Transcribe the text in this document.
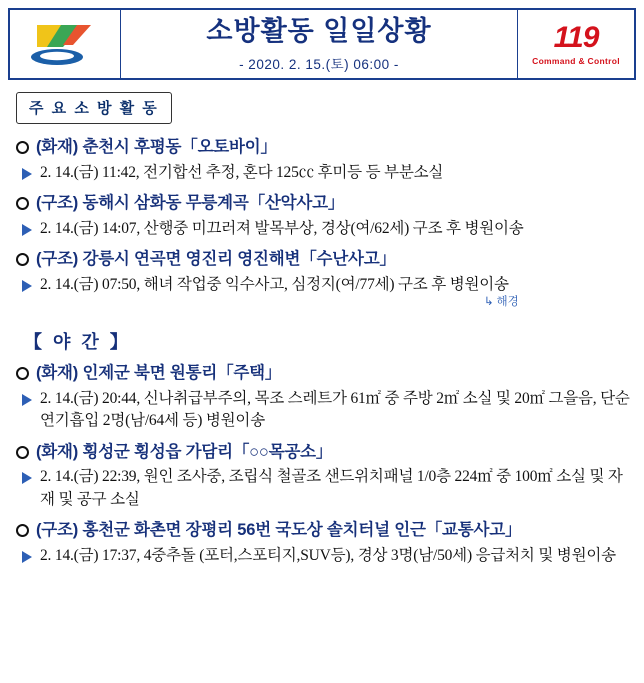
소방활동 일일상황
- 2020. 2. 15.(토) 06:00 -
119
Command & Control
주 요 소 방 활 동
(화재) 춘천시 후평동「오토바이」
2. 14.(금) 11:42, 전기합선 추정, 혼다 125㏄ 후미등 등 부분소실
(구조) 동해시 삼화동 무릉계곡「산악사고」
2. 14.(금) 14:07, 산행중 미끄러져 발목부상, 경상(여/62세) 구조 후 병원이송
(구조) 강릉시 연곡면 영진리 영진해변「수난사고」
2. 14.(금) 07:50, 해녀 작업중 익수사고, 심정지(여/77세) 구조 후 병원이송
↳ 해경
【 야 간 】
(화재) 인제군 북면 원통리「주택」
2. 14.(금) 20:44, 신나취급부주의, 목조 스레트가 61㎡ 중 주방 2㎡ 소실 및 20㎡ 그을음, 단순연기흡입 2명(남/64세 등) 병원이송
(화재) 횡성군 횡성읍 가담리「○○목공소」
2. 14.(금) 22:39, 원인 조사중, 조립식 철골조 샌드위치패널 1/0층 224㎡ 중 100㎡ 소실 및 자재 및 공구 소실
(구조) 홍천군 화촌면 장평리 56번 국도상 솔치터널 인근「교통사고」
2. 14.(금) 17:37, 4중추돌 (포터,스포티지,SUV등), 경상 3명(남/50세) 응급처치 및 병원이송
